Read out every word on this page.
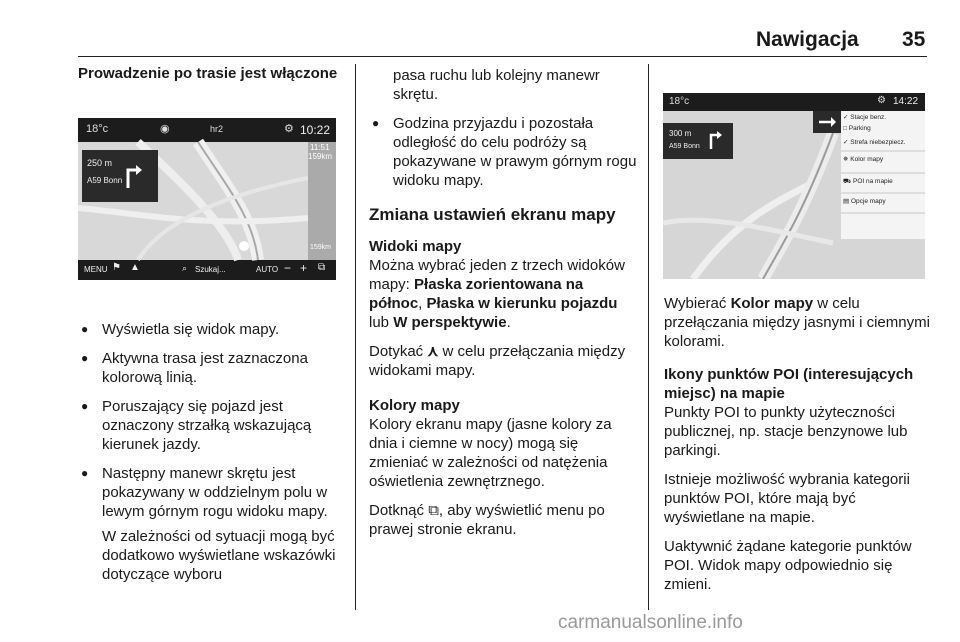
Nawigacja 35
Prowadzenie po trasie jest włączone
18°c	◉	hr2	⚙ 10:22
250 m
A59 Bonn
11:51
159km
159km
MENU ⚑ ▲	⌕ Szukaj...	AUTO − + ⧉
● Wyświetla się widok mapy.
● Aktywna trasa jest zaznaczona kolorową linią.
● Poruszający się pojazd jest oznaczony strzałką wskazującą kierunek jazdy.
● Następny manewr skrętu jest pokazywany w oddzielnym polu w lewym górnym rogu widoku mapy.
W zależności od sytuacji mogą być dodatkowo wyświetlane wskazówki dotyczące wyboru
pasa ruchu lub kolejny manewr skrętu.
● Godzina przyjazdu i pozostała odległość do celu podróży są pokazywane w prawym górnym rogu widoku mapy.
Zmiana ustawień ekranu mapy
Widoki mapy

Można wybrać jeden z trzech widoków mapy: Płaska zorientowana na północ, Płaska w kierunku pojazdu lub W perspektywie.

Dotykać ⋏ w celu przełączania między widokami mapy.

Kolory mapy

Kolory ekranu mapy (jasne kolory za dnia i ciemne w nocy) mogą się zmieniać w zależności od natężenia oświetlenia zewnętrznego.

Dotknąć ⧉, aby wyświetlić menu po prawej stronie ekranu.

18°c	⚙ 14:22
300 m
A59 Bonn
✓ Stacje benz.
□ Parking
✓ Strefa niebezpiecz.
✵ Kolor mapy
⛟ POI na mapie
▤ Opcje mapy

Wybierać Kolor mapy w celu przełączania między jasnymi i ciemnymi kolorami.

Ikony punktów POI (interesujących miejsc) na mapie

Punkty POI to punkty użyteczności publicznej, np. stacje benzynowe lub parkingi.

Istnieje możliwość wybrania kategorii punktów POI, które mają być wyświetlane na mapie.

Uaktywnić żądane kategorie punktów POI. Widok mapy odpowiednio się zmieni.

carmanualsonline.info
